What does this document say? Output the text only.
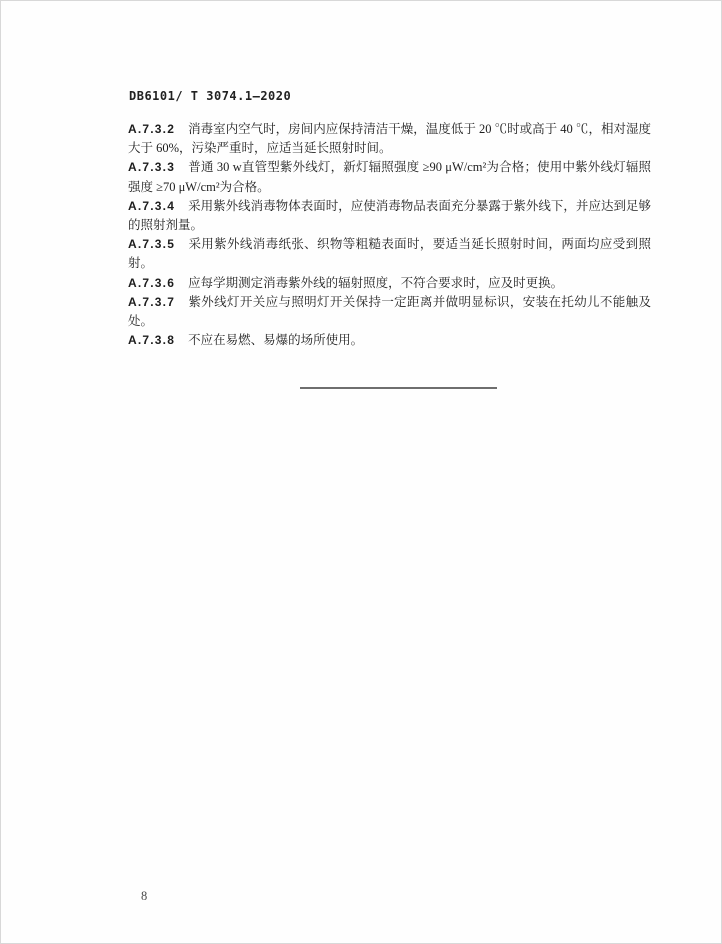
DB6101/ T 3074.1—2020

A.7.3.2 消毒室内空气时，房间内应保持清洁干燥，温度低于 20 ℃时或高于 40 ℃，相对湿度大于 60%，污染严重时，应适当延长照射时间。

A.7.3.3 普通 30 w直管型紫外线灯，新灯辐照强度 ≥90 μW/cm²为合格；使用中紫外线灯辐照强度 ≥70 μW/cm²为合格。

A.7.3.4 采用紫外线消毒物体表面时，应使消毒物品表面充分暴露于紫外线下，并应达到足够的照射剂量。

A.7.3.5 采用紫外线消毒纸张、织物等粗糙表面时，要适当延长照射时间，两面均应受到照射。

A.7.3.6 应每学期测定消毒紫外线的辐射照度，不符合要求时，应及时更换。

A.7.3.7 紫外线灯开关应与照明灯开关保持一定距离并做明显标识，安装在托幼儿不能触及处。

A.7.3.8 不应在易燃、易爆的场所使用。

8
